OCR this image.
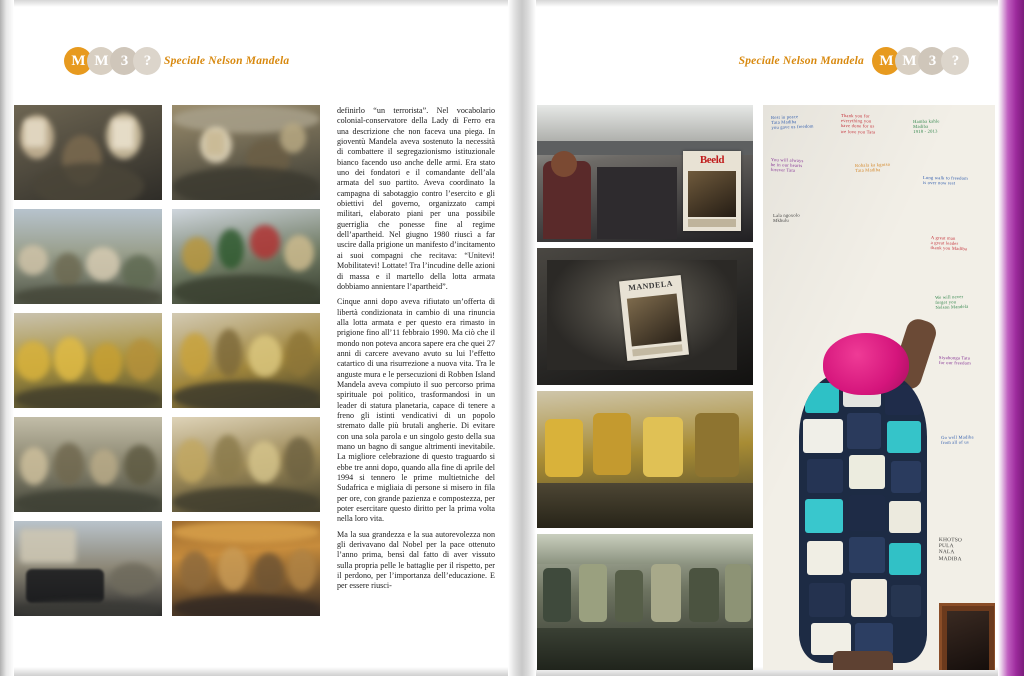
M M 3	?	Speciale Nelson Mandela	M M 3	?
Speciale Nelson Mandela

definirlo “un terrorista”. Nel vocabolario colonial-conservatore della Lady di Ferro era una descrizione che non faceva una piega. In gioventù Mandela aveva sostenuto la necessità di combattere il segregazionismo istituzionale bianco facendo uso anche delle armi. Era stato uno dei fondatori e il comandante dell’ala armata del suo partito. Aveva coordinato la campagna di sabotaggio contro l’esercito e gli obiettivi del governo, organizzato campi militari, elaborato piani per una possibile guerriglia che ponesse fine al regime dell’apartheid. Nel giugno 1980 riuscì a far uscire dalla prigione un manifesto d’incitamento ai suoi compagni che recitava: “Unitevi! Mobilitatevi! Lottate! Tra l’incudine delle azioni di massa e il martello della lotta armata dobbiamo annientare l’apartheid”.

Cinque anni dopo aveva rifiutato un’offerta di libertà condizionata in cambio di una rinuncia alla lotta armata e per questo era rimasto in prigione fino all’11 febbraio 1990. Ma ciò che il mondo non poteva ancora sapere era che quei 27 anni di carcere avevano avuto su lui l’effetto catartico di una risurrezione a nuova vita. Tra le anguste mura e le persecuzioni di Robben Island Mandela aveva compiuto il suo percorso prima spirituale poi politico, trasformandosi in un leader di statura planetaria, capace di tenere a freno gli istinti vendicativi di un popolo stremato dalle più brutali angherie. Di evitare con una sola parola e un singolo gesto della sua mano un bagno di sangue altrimenti inevitabile. La migliore celebrazione di questo traguardo si ebbe tre anni dopo, quando alla fine di aprile del 1994 si tennero le prime multietniche del Sudafrica e migliaia di persone si misero in fila per ore, con grande pazienza e compostezza, per poter esercitare questo diritto per la prima volta nella loro vita.

Ma la sua grandezza e la sua autorevolezza non gli derivavano dal Nobel per la pace ottenuto l’anno prima, bensì dal fatto di aver vissuto sulla propria pelle le battaglie per il rispetto, per il perdono, per l’importanza dell’educazione. E per essere riusci-

Beeld
MANDELA
Rest in peace
Tata Madiba
you gave us freedom
Thank you for
everything you
have done for us
we love you Tata
Hamba kahle
Madiba
1918 - 2013
You will always
be in our hearts
forever Tata
Robala ka kgotso
Tata Madiba
Long walk to freedom
is over now rest
Lala ngoxolo
Mkhulu
A great man
a great leader
thank you Madiba
We will never
forget you
Nelson Mandela
Siyabonga Tata
for our freedom
Go well Madiba
from all of us
KHOTSO
PULA
NALA
MADIBA
